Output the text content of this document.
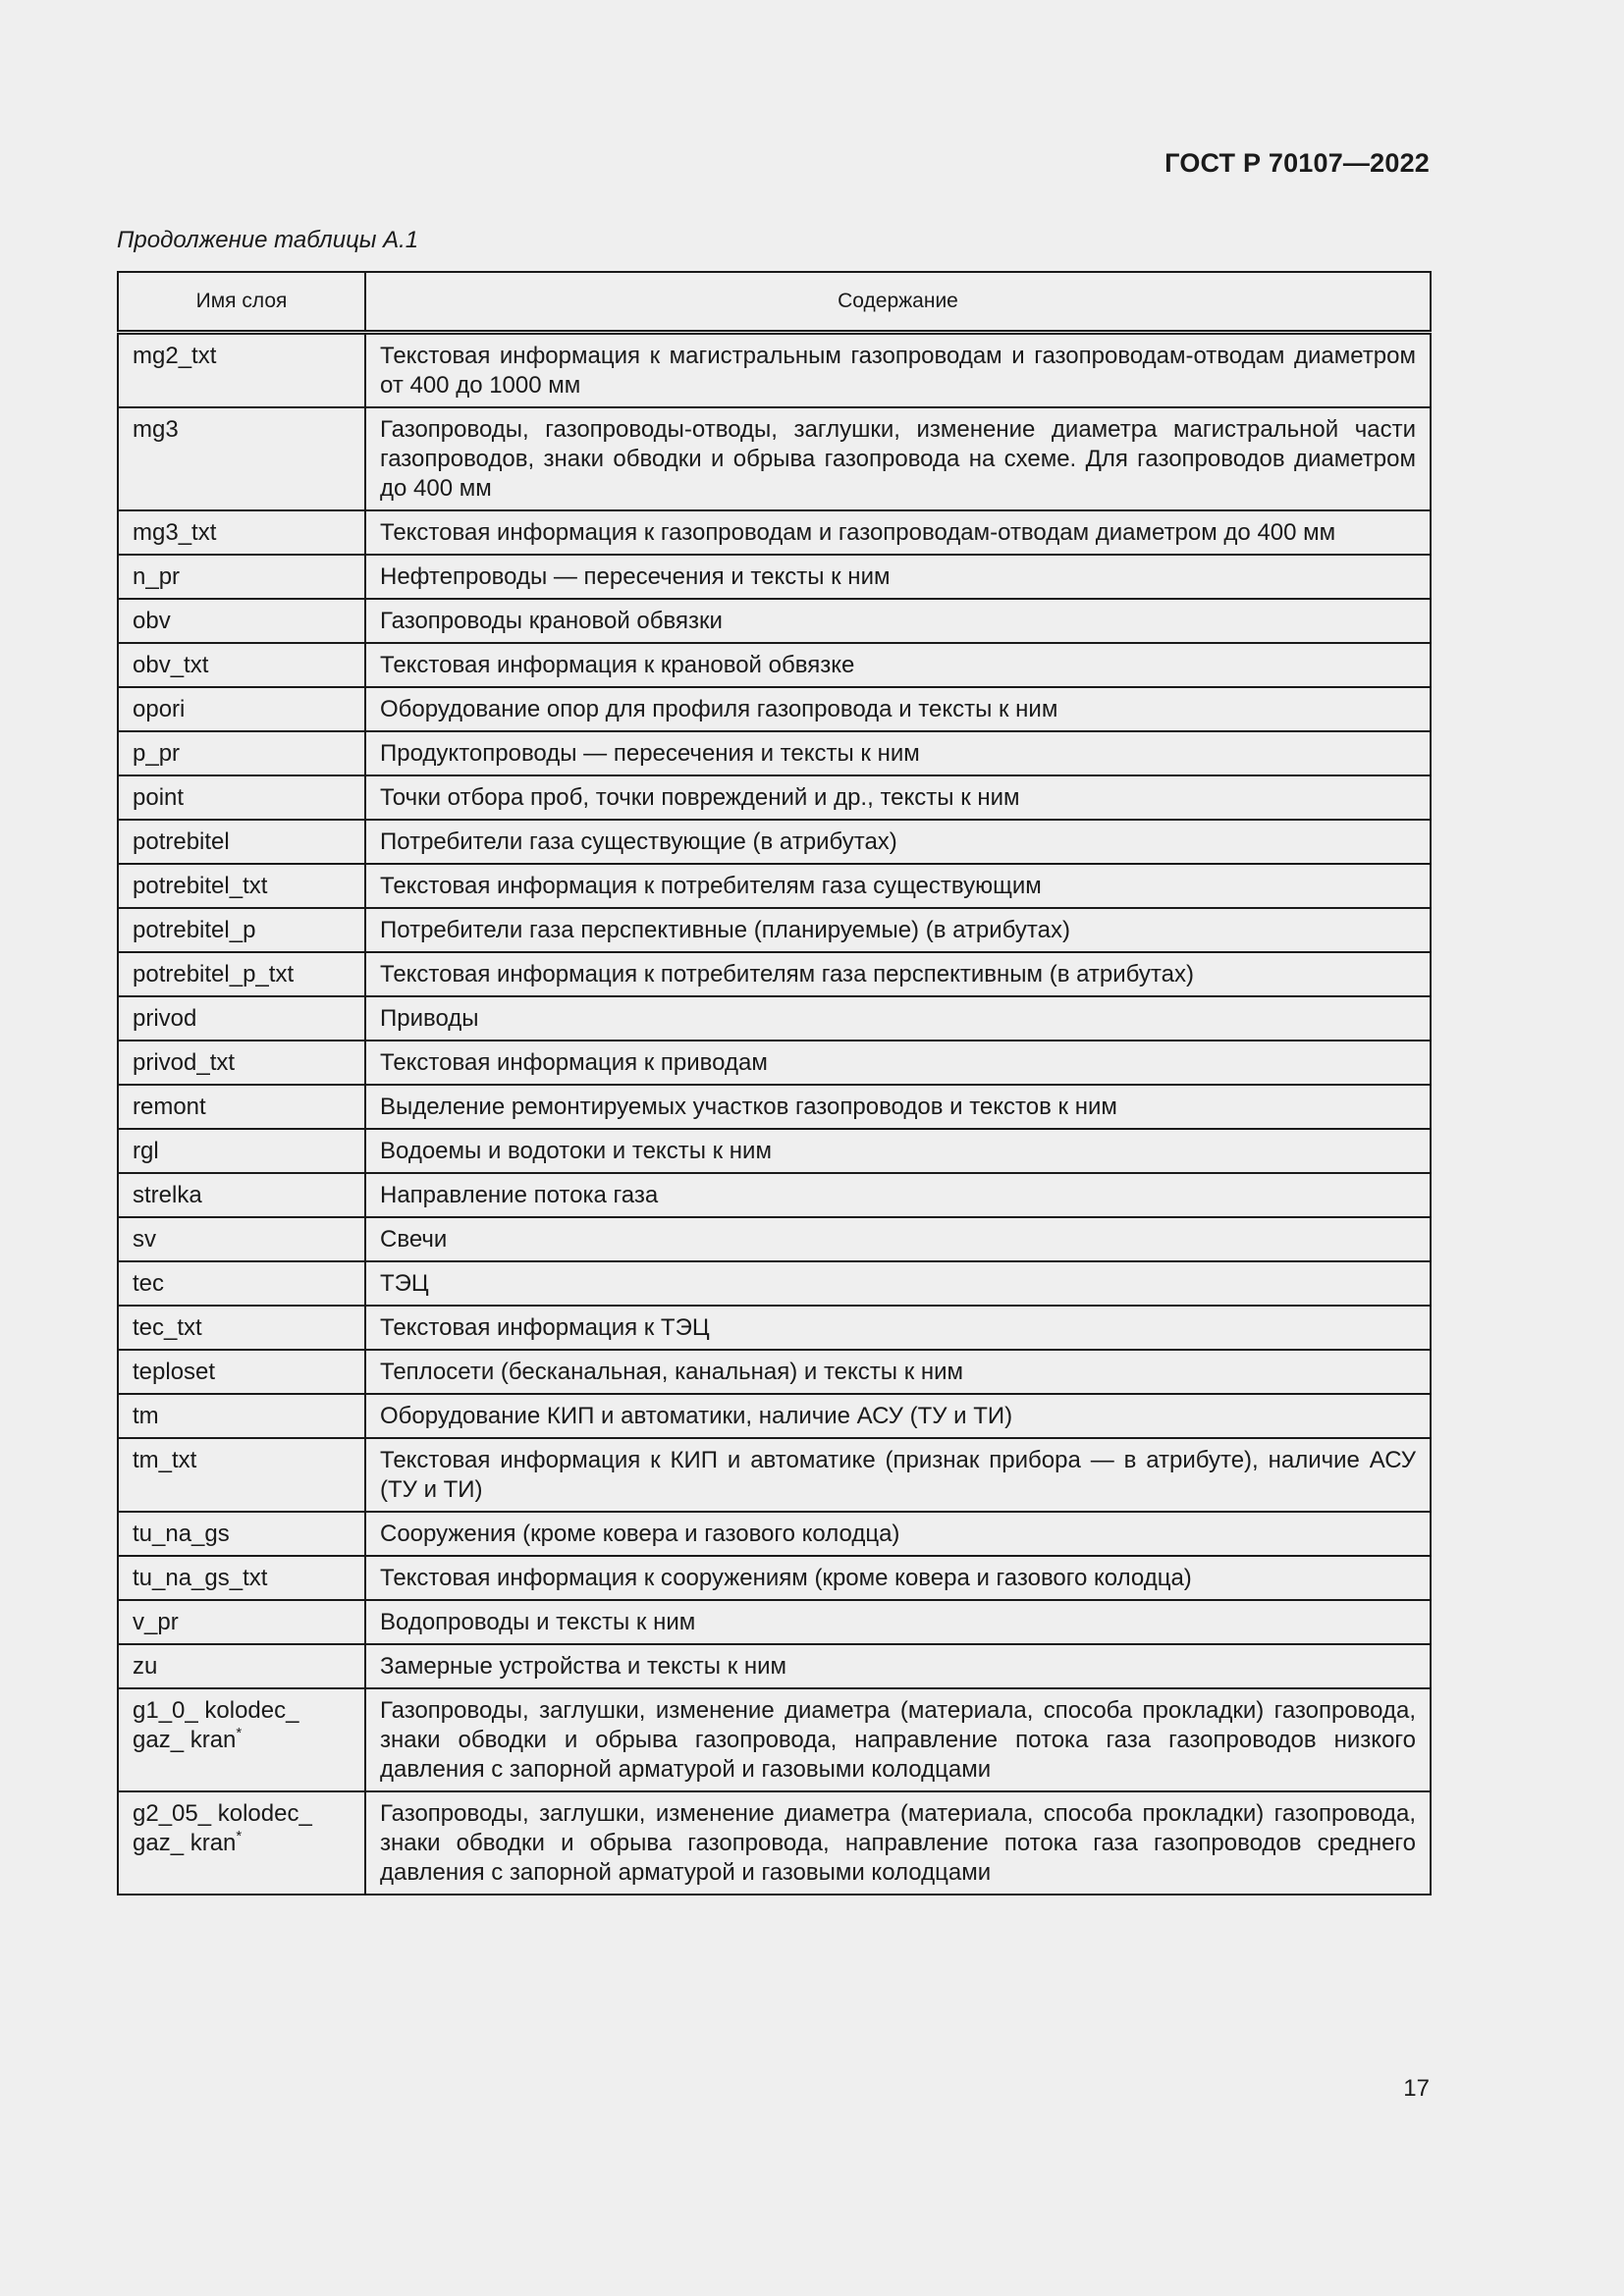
ГОСТ Р 70107—2022
Продолжение таблицы А.1
Имя слоя	Содержание
mg2_txt	Текстовая информация к магистральным газопроводам и газопроводам-отводам диаметром от 400 до 1000 мм
mg3	Газопроводы, газопроводы-отводы, заглушки, изменение диаметра магистральной части газопроводов, знаки обводки и обрыва газопровода на схеме. Для газопроводов диаметром до 400 мм
mg3_txt	Текстовая информация к газопроводам и газопроводам-отводам диаметром до 400 мм
n_pr	Нефтепроводы — пересечения и тексты к ним
obv	Газопроводы крановой обвязки
obv_txt	Текстовая информация к крановой обвязке
opori	Оборудование опор для профиля газопровода и тексты к ним
p_pr	Продуктопроводы — пересечения и тексты к ним
point	Точки отбора проб, точки повреждений и др., тексты к ним
potrebitel	Потребители газа существующие (в атрибутах)
potrebitel_txt	Текстовая информация к потребителям газа существующим
potrebitel_p	Потребители газа перспективные (планируемые) (в атрибутах)
potrebitel_p_txt	Текстовая информация к потребителям газа перспективным (в атрибутах)
privod	Приводы
privod_txt	Текстовая информация к приводам
remont	Выделение ремонтируемых участков газопроводов и текстов к ним
rgl	Водоемы и водотоки и тексты к ним
strelka	Направление потока газа
sv	Свечи
tec	ТЭЦ
tec_txt	Текстовая информация к ТЭЦ
teploset	Теплосети (бесканальная, канальная) и тексты к ним
tm	Оборудование КИП и автоматики, наличие АСУ (ТУ и ТИ)
tm_txt	Текстовая информация к КИП и автоматике (признак прибора — в атрибуте), наличие АСУ (ТУ и ТИ)
tu_na_gs	Сооружения (кроме ковера и газового колодца)
tu_na_gs_txt	Текстовая информация к сооружениям (кроме ковера и газового колодца)
v_pr	Водопроводы и тексты к ним
zu	Замерные устройства и тексты к ним
g1_0_ kolodec_
gaz_ kran*	Газопроводы, заглушки, изменение диаметра (материала, способа прокладки) газопровода, знаки обводки и обрыва газопровода, направление потока газа газопроводов низкого давления с запорной арматурой и газовыми колодцами
g2_05_ kolodec_
gaz_ kran*	Газопроводы, заглушки, изменение диаметра (материала, способа прокладки) газопровода, знаки обводки и обрыва газопровода, направление потока газа газопроводов среднего давления с запорной арматурой и газовыми колодцами
17
